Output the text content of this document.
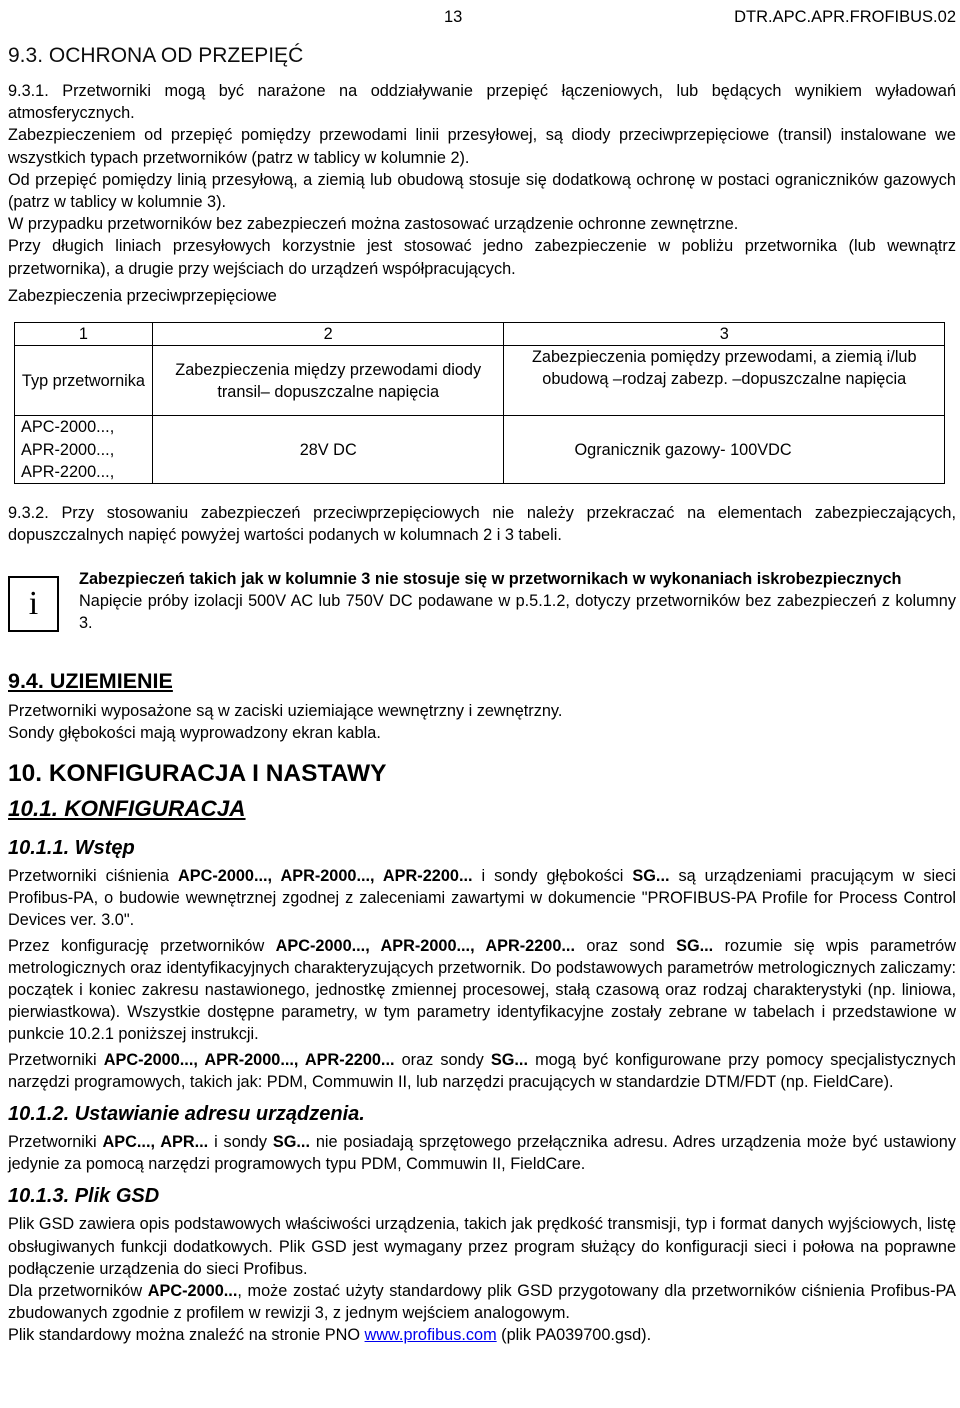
13	DTR.APC.APR.FROFIBUS.02
9.3. OCHRONA OD PRZEPIĘĆ

9.3.1. Przetworniki mogą być narażone na oddziaływanie przepięć łączeniowych, lub będących wynikiem wyładowań atmosferycznych.

Zabezpieczeniem od przepięć pomiędzy przewodami linii przesyłowej, są diody przeciwprzepięciowe (transil) instalowane we wszystkich typach przetworników (patrz w tablicy w kolumnie 2).

Od przepięć pomiędzy linią przesyłową, a ziemią lub obudową stosuje się dodatkową ochronę w postaci ograniczników gazowych (patrz w tablicy w kolumnie 3).

W przypadku przetworników bez zabezpieczeń można zastosować urządzenie ochronne zewnętrzne.

Przy długich liniach przesyłowych korzystnie jest stosować jedno zabezpieczenie w pobliżu przetwornika (lub wewnątrz przetwornika), a drugie przy wejściach do urządzeń współpracujących.

Zabezpieczenia przeciwprzepięciowe

1	2	3
Typ przetwornika	Zabezpieczenia między przewodami diody transil– dopuszczalne napięcia	Zabezpieczenia pomiędzy przewodami, a ziemią i/lub obudową –rodzaj zabezp. –dopuszczalne napięcia
APC-2000..., APR-2000..., APR-2200...,	28V DC	Ogranicznik gazowy- 100VDC
9.3.2. Przy stosowaniu zabezpieczeń przeciwprzepięciowych nie należy przekraczać na elementach zabezpieczających, dopuszczalnych napięć powyżej wartości podanych w kolumnach 2 i 3 tabeli.
i

Zabezpieczeń takich jak w kolumnie 3 nie stosuje się w przetwornikach w wykonaniach iskrobezpiecznych

Napięcie próby izolacji 500V AC lub 750V DC podawane w p.5.1.2, dotyczy przetworników bez zabezpieczeń z kolumny 3.

9.4. UZIEMIENIE

Przetworniki wyposażone są w zaciski uziemiające wewnętrzny i zewnętrzny.

Sondy głębokości mają wyprowadzony ekran kabla.

10. KONFIGURACJA I NASTAWY
10.1. KONFIGURACJA
10.1.1. Wstęp

Przetworniki ciśnienia APC-2000..., APR-2000..., APR-2200... i sondy głębokości SG... są urządzeniami pracującym w sieci Profibus-PA, o budowie wewnętrznej zgodnej z zaleceniami zawartymi w dokumencie "PROFIBUS-PA Profile for Process Control Devices ver. 3.0".

Przez konfigurację przetworników APC-2000..., APR-2000..., APR-2200... oraz sond SG... rozumie się wpis parametrów metrologicznych oraz identyfikacyjnych charakteryzujących przetwornik. Do podstawowych parametrów metrologicznych zaliczamy: początek i koniec zakresu nastawionego, jednostkę zmiennej procesowej, stałą czasową oraz rodzaj charakterystyki (np. liniowa, pierwiastkowa). Wszystkie dostępne parametry, w tym parametry identyfikacyjne zostały zebrane w tabelach i przedstawione w punkcie 10.2.1 poniższej instrukcji.

Przetworniki APC-2000..., APR-2000..., APR-2200... oraz sondy SG... mogą być konfigurowane przy pomocy specjalistycznych narzędzi programowych, takich jak: PDM, Commuwin II, lub narzędzi pracujących w standardzie DTM/FDT (np. FieldCare).

10.1.2. Ustawianie adresu urządzenia.

Przetworniki APC..., APR... i sondy SG... nie posiadają sprzętowego przełącznika adresu. Adres urządzenia może być ustawiony jedynie za pomocą narzędzi programowych typu PDM, Commuwin II, FieldCare.

10.1.3. Plik GSD

Plik GSD zawiera opis podstawowych właściwości urządzenia, takich jak prędkość transmisji, typ i format danych wyjściowych, listę obsługiwanych funkcji dodatkowych. Plik GSD jest wymagany przez program służący do konfiguracji sieci i połowa na poprawne podłączenie urządzenia do sieci Profibus.

Dla przetworników APC-2000..., może zostać użyty standardowy plik GSD przygotowany dla przetworników ciśnienia Profibus-PA zbudowanych zgodnie z profilem w rewizji 3, z jednym wejściem analogowym.

Plik standardowy można znaleźć na stronie PNO www.profibus.com (plik PA039700.gsd).
